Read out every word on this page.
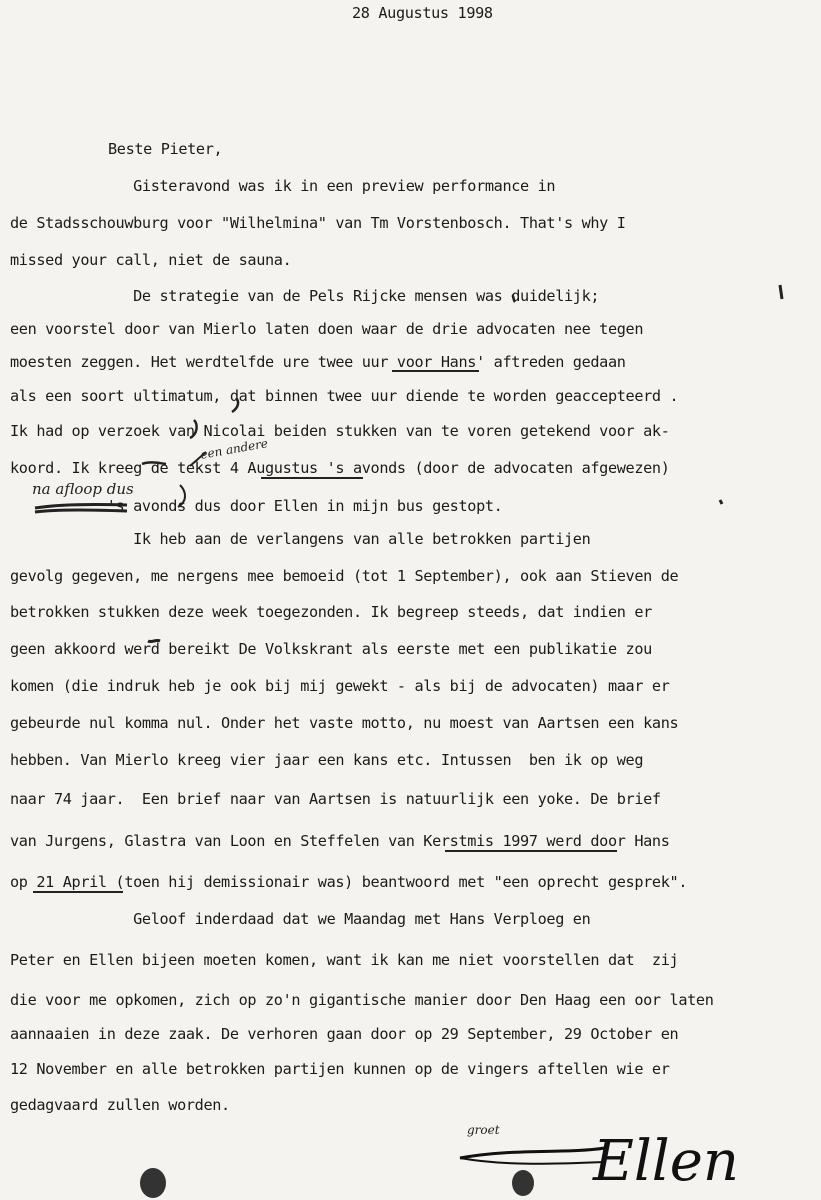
28 Augustus 1998
Beste Pieter,
Gisteravond was ik in een preview performance in
de Stadsschouwburg voor "Wilhelmina" van Tm Vorstenbosch. That's why I
missed your call, niet de sauna.
De strategie van de Pels Rijcke mensen was duidelijk;
een voorstel door van Mierlo laten doen waar de drie advocaten nee tegen
moesten zeggen. Het werdtelfde ure twee uur voor Hans' aftreden gedaan
als een soort ultimatum, dat binnen twee uur diende te worden geaccepteerd .
Ik had op verzoek van Nicolai beiden stukken van te voren getekend voor ak-
koord. Ik kreeg de tekst 4 Augustus 's avonds (door de advocaten afgewezen)
's avonds dus door Ellen in mijn bus gestopt.
Ik heb aan de verlangens van alle betrokken partijen
gevolg gegeven, me nergens mee bemoeid (tot 1 September), ook aan Stieven de
betrokken stukken deze week toegezonden. Ik begreep steeds, dat indien er
geen akkoord werd bereikt De Volkskrant als eerste met een publikatie zou
komen (die indruk heb je ook bij mij gewekt - als bij de advocaten) maar er
gebeurde nul komma nul. Onder het vaste motto, nu moest van Aartsen een kans
hebben. Van Mierlo kreeg vier jaar een kans etc. Intussen  ben ik op weg
naar 74 jaar.  Een brief naar van Aartsen is natuurlijk een yoke. De brief
van Jurgens, Glastra van Loon en Steffelen van Kerstmis 1997 werd door Hans
op 21 April (toen hij demissionair was) beantwoord met "een oprecht gesprek".
Geloof inderdaad dat we Maandag met Hans Verploeg en
Peter en Ellen bijeen moeten komen, want ik kan me niet voorstellen dat  zij
die voor me opkomen, zich op zo'n gigantische manier door Den Haag een oor laten
aannaaien in deze zaak. De verhoren gaan door op 29 September, 29 October en
12 November en alle betrokken partijen kunnen op de vingers aftellen wie er
gedagvaard zullen worden.
een andere
na afloop dus
groet Ellen
